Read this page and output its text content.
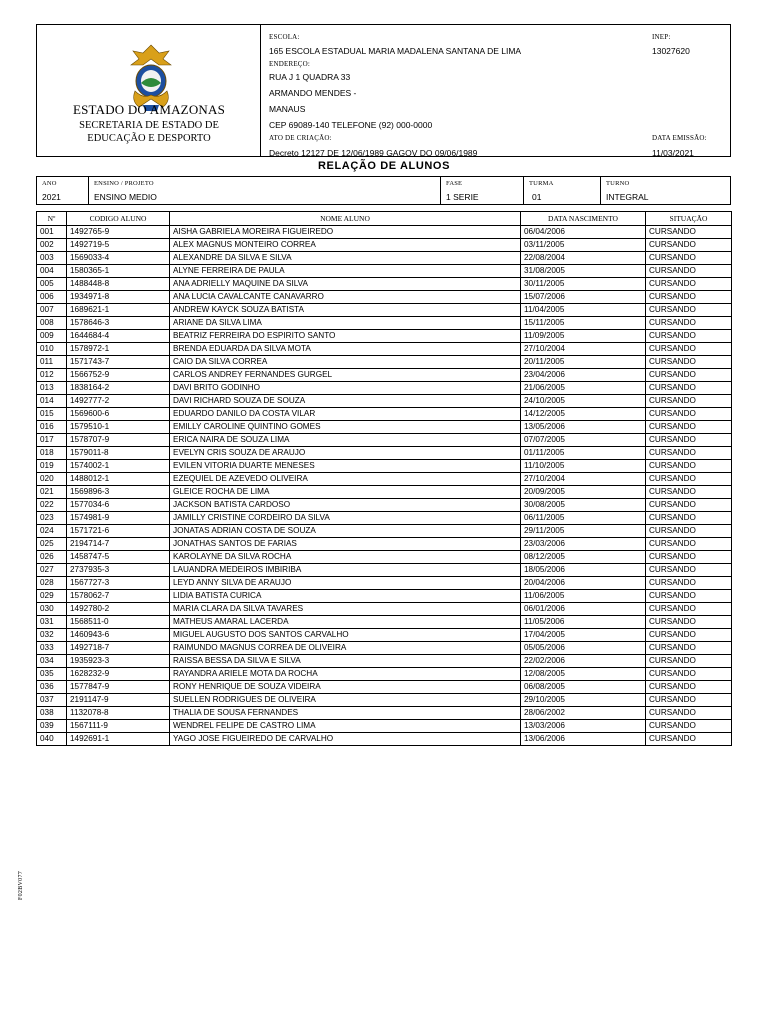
ESTADO DO AMAZONAS
SECRETARIA DE ESTADO DE
EDUCAÇÃO E DESPORTO
ESCOLA:
165 ESCOLA ESTADUAL MARIA MADALENA SANTANA DE LIMA
ENDEREÇO:
RUA J 1 QUADRA 33
ARMANDO MENDES -
MANAUS
CEP 69089-140 TELEFONE (92) 000-0000
ATO DE CRIAÇÃO:
Decreto 12127 DE 12/06/1989 GAGOV DO 09/06/1989
INEP:
13027620
DATA EMISSÃO:
11/03/2021
RELAÇÃO DE ALUNOS
ANO
2021
ENSINO / PROJETO
ENSINO MEDIO
FASE
1 SERIE
TURMA
01
TURNO
INTEGRAL
Nº	CODIGO ALUNO	NOME ALUNO	DATA NASCIMENTO	SITUAÇÃO
001	1492765-9	AISHA GABRIELA MOREIRA FIGUEIREDO	06/04/2006	CURSANDO
002	1492719-5	ALEX MAGNUS MONTEIRO CORREA	03/11/2005	CURSANDO
003	1569033-4	ALEXANDRE DA SILVA E SILVA	22/08/2004	CURSANDO
004	1580365-1	ALYNE FERREIRA DE PAULA	31/08/2005	CURSANDO
005	1488448-8	ANA ADRIELLY MAQUINE DA SILVA	30/11/2005	CURSANDO
006	1934971-8	ANA LUCIA CAVALCANTE CANAVARRO	15/07/2006	CURSANDO
007	1689621-1	ANDREW KAYCK SOUZA BATISTA	11/04/2005	CURSANDO
008	1578646-3	ARIANE DA SILVA LIMA	15/11/2005	CURSANDO
009	1644684-4	BEATRIZ FERREIRA DO ESPIRITO SANTO	11/09/2005	CURSANDO
010	1578972-1	BRENDA EDUARDA DA SILVA MOTA	27/10/2004	CURSANDO
011	1571743-7	CAIO DA SILVA CORREA	20/11/2005	CURSANDO
012	1566752-9	CARLOS ANDREY FERNANDES GURGEL	23/04/2006	CURSANDO
013	1838164-2	DAVI BRITO GODINHO	21/06/2005	CURSANDO
014	1492777-2	DAVI RICHARD SOUZA DE SOUZA	24/10/2005	CURSANDO
015	1569600-6	EDUARDO DANILO DA COSTA VILAR	14/12/2005	CURSANDO
016	1579510-1	EMILLY CAROLINE QUINTINO GOMES	13/05/2006	CURSANDO
017	1578707-9	ERICA NAIRA DE SOUZA LIMA	07/07/2005	CURSANDO
018	1579011-8	EVELYN CRIS SOUZA DE ARAUJO	01/11/2005	CURSANDO
019	1574002-1	EVILEN VITORIA DUARTE MENESES	11/10/2005	CURSANDO
020	1488012-1	EZEQUIEL DE AZEVEDO OLIVEIRA	27/10/2004	CURSANDO
021	1569896-3	GLEICE ROCHA DE LIMA	20/09/2005	CURSANDO
022	1577034-6	JACKSON BATISTA CARDOSO	30/08/2005	CURSANDO
023	1574981-9	JAMILLY CRISTINE CORDEIRO DA SILVA	06/11/2005	CURSANDO
024	1571721-6	JONATAS ADRIAN COSTA DE SOUZA	29/11/2005	CURSANDO
025	2194714-7	JONATHAS SANTOS DE FARIAS	23/03/2006	CURSANDO
026	1458747-5	KAROLAYNE DA SILVA ROCHA	08/12/2005	CURSANDO
027	2737935-3	LAUANDRA MEDEIROS IMBIRIBA	18/05/2006	CURSANDO
028	1567727-3	LEYD ANNY SILVA DE ARAUJO	20/04/2006	CURSANDO
029	1578062-7	LIDIA BATISTA CURICA	11/06/2005	CURSANDO
030	1492780-2	MARIA CLARA DA SILVA TAVARES	06/01/2006	CURSANDO
031	1568511-0	MATHEUS AMARAL LACERDA	11/05/2006	CURSANDO
032	1460943-6	MIGUEL AUGUSTO DOS SANTOS CARVALHO	17/04/2005	CURSANDO
033	1492718-7	RAIMUNDO MAGNUS CORREA DE OLIVEIRA	05/05/2006	CURSANDO
034	1935923-3	RAISSA BESSA DA SILVA E SILVA	22/02/2006	CURSANDO
035	1628232-9	RAYANDRA ARIELE MOTA DA ROCHA	12/08/2005	CURSANDO
036	1577847-9	RONY HENRIQUE DE SOUZA VIDEIRA	06/08/2005	CURSANDO
037	2191147-9	SUELLEN RODRIGUES DE OLIVEIRA	29/10/2005	CURSANDO
038	1132078-8	THALIA DE SOUSA FERNANDES	28/06/2002	CURSANDO
039	1567111-9	WENDREL FELIPE DE CASTRO LIMA	13/03/2006	CURSANDO
040	1492691-1	YAGO JOSE FIGUEIREDO DE CARVALHO	13/06/2006	CURSANDO
F02BV077
